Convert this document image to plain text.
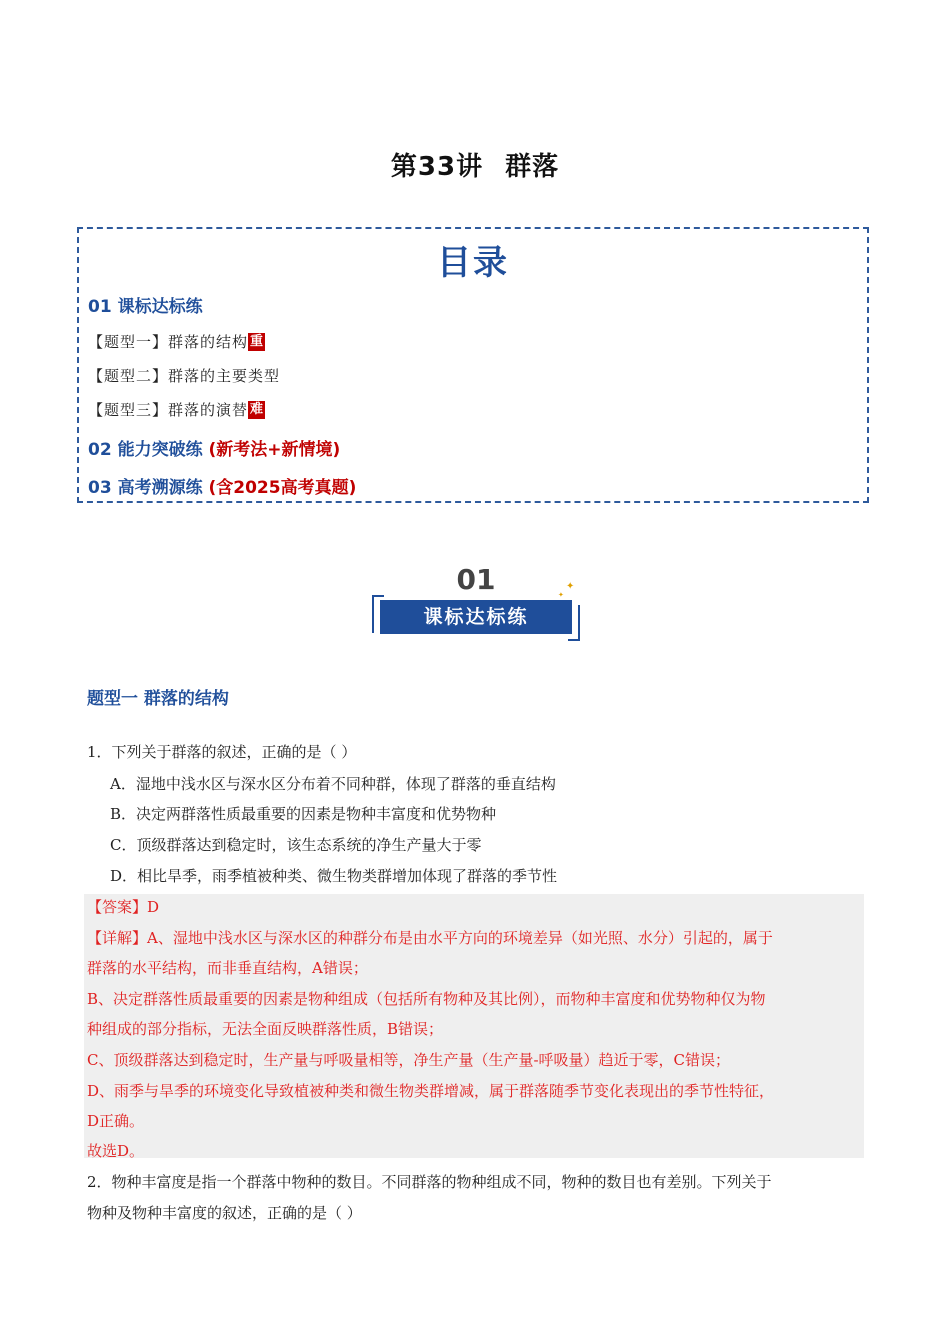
第33讲 群落
目录
01 课标达标练
【题型一】群落的结构 重
【题型二】群落的主要类型
【题型三】群落的演替 难
02 能力突破练 (新考法+新情境)
03 高考溯源练 (含2025高考真题)
01
课标达标练
✦
✦
题型一 群落的结构
1．下列关于群落的叙述，正确的是（ ）
A．湿地中浅水区与深水区分布着不同种群，体现了群落的垂直结构
B．决定两群落性质最重要的因素是物种丰富度和优势物种
C．顶级群落达到稳定时，该生态系统的净生产量大于零
D．相比旱季，雨季植被种类、微生物类群增加体现了群落的季节性
【答案】D
【详解】A、湿地中浅水区与深水区的种群分布是由水平方向的环境差异（如光照、水分）引起的，属于
群落的水平结构，而非垂直结构，A错误；
B、决定群落性质最重要的因素是物种组成（包括所有物种及其比例），而物种丰富度和优势物种仅为物
种组成的部分指标，无法全面反映群落性质，B错误；
C、顶级群落达到稳定时，生产量与呼吸量相等，净生产量（生产量-呼吸量）趋近于零，C错误；
D、雨季与旱季的环境变化导致植被种类和微生物类群增减，属于群落随季节变化表现出的季节性特征，
D正确。
故选D。
2．物种丰富度是指一个群落中物种的数目。不同群落的物种组成不同，物种的数目也有差别。下列关于
物种及物种丰富度的叙述，正确的是（ ）
